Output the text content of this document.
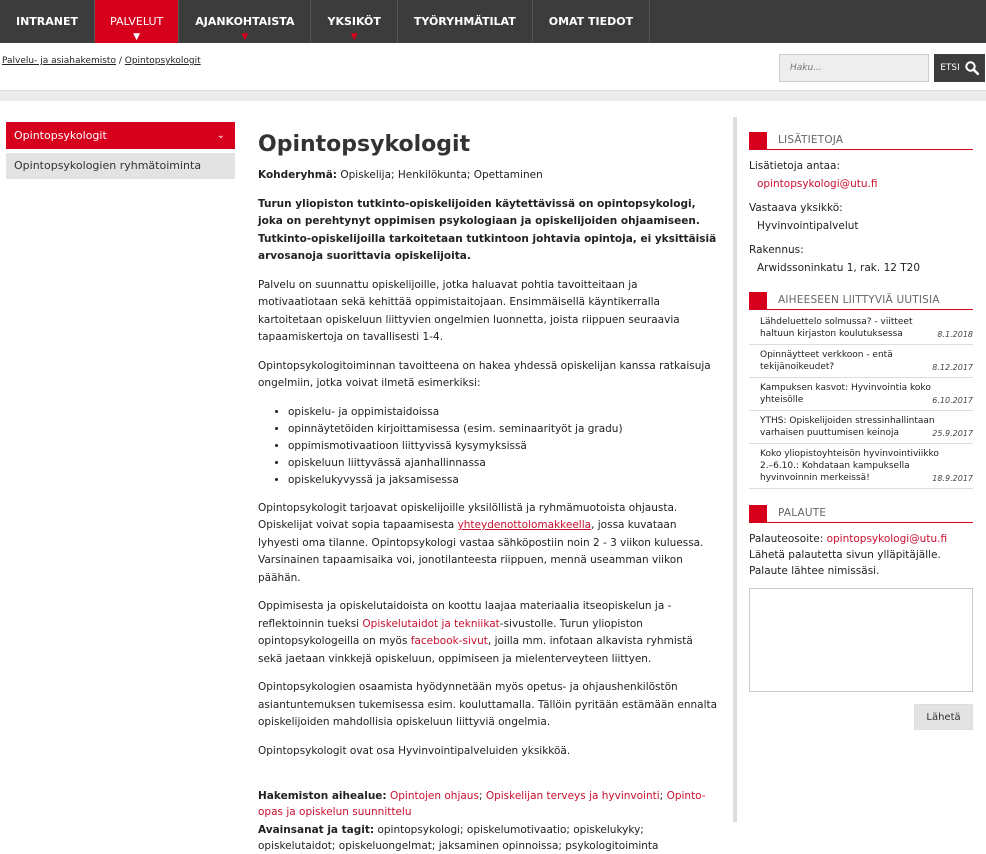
INTRANET	PALVELUT
▼
AJANKOHTAISTA
▼
YKSIKÖT
▼
TYÖRYHMÄTILAT	OMAT TIEDOT
Palvelu- ja asiahakemisto / Opintopsykologit
Haku...
ETSI
Opintopsykologit	⌄
Opintopsykologien ryhmätoiminta
Opintopsykologit
Kohderyhmä: Opiskelija; Henkilökunta; Opettaminen

Turun yliopiston tutkinto-opiskelijoiden käytettävissä on opintopsykologi, joka on perehtynyt oppimisen psykologiaan ja opiskelijoiden ohjaamiseen. Tutkinto-opiskelijoilla tarkoitetaan tutkintoon johtavia opintoja, ei yksittäisiä arvosanoja suorittavia opiskelijoita.

Palvelu on suunnattu opiskelijoille, jotka haluavat pohtia tavoitteitaan ja motivaatiotaan sekä kehittää oppimistaitojaan. Ensimmäisellä käyntikerralla kartoitetaan opiskeluun liittyvien ongelmien luonnetta, joista riippuen seuraavia tapaamiskertoja on tavallisesti 1-4.

Opintopsykologitoiminnan tavoitteena on hakea yhdessä opiskelijan kanssa ratkaisuja ongelmiin, jotka voivat ilmetä esimerkiksi:

• opiskelu- ja oppimistaidoissa
• opinnäytetöiden kirjoittamisessa (esim. seminaarityöt ja gradu)
• oppimismotivaatioon liittyvissä kysymyksissä
• opiskeluun liittyvässä ajanhallinnassa
• opiskelukyvyssä ja jaksamisessa

Opintopsykologit tarjoavat opiskelijoille yksilöllistä ja ryhmämuotoista ohjausta. Opiskelijat voivat sopia tapaamisesta yhteydenottolomakkeella, jossa kuvataan lyhyesti oma tilanne. Opintopsykologi vastaa sähköpostiin noin 2 - 3 viikon kuluessa. Varsinainen tapaamisaika voi, jonotilanteesta riippuen, mennä useamman viikon päähän.

Oppimisesta ja opiskelutaidoista on koottu laajaa materiaalia itseopiskelun ja -reflektoinnin tueksi Opiskelutaidot ja tekniikat-sivustolle. Turun yliopiston opintopsykologeilla on myös facebook-sivut, joilla mm. infotaan alkavista ryhmistä sekä jaetaan vinkkejä opiskeluun, oppimiseen ja mielenterveyteen liittyen.

Opintopsykologien osaamista hyödynnetään myös opetus- ja ohjaushenkilöstön asiantuntemuksen tukemisessa esim. kouluttamalla. Tällöin pyritään estämään ennalta opiskelijoiden mahdollisia opiskeluun liittyviä ongelmia.

Opintopsykologit ovat osa Hyvinvointipalveluiden yksikköä.

Hakemiston aihealue: Opintojen ohjaus; Opiskelijan terveys ja hyvinvointi; Opinto-opas ja opiskelun suunnittelu
Avainsanat ja tagit: opintopsykologi; opiskelumotivaatio; opiskelukyky; opiskelutaidot; opiskeluongelmat; jaksaminen opinnoissa; psykologitoiminta
LISÄTIETOJA

Lisätietoja antaa:

opintopsykologi@utu.fi

Vastaava yksikkö:

Hyvinvointipalvelut

Rakennus:

Arwidssoninkatu 1, rak. 12 T20

AIHEESEEN LIITTYVIÄ UUTISIA
Lähdeluettelo solmussa? - viitteet haltuun kirjaston koulutuksessa	8.1.2018
Opinnäytteet verkkoon - entä tekijänoikeudet?	8.12.2017
Kampuksen kasvot: Hyvinvointia koko yhteisölle	6.10.2017
YTHS: Opiskelijoiden stressinhallintaan varhaisen puuttumisen keinoja	25.9.2017
Koko yliopistoyhteisön hyvinvointiviikko 2.–6.10.: Kohdataan kampuksella hyvinvoinnin merkeissä!	18.9.2017
PALAUTE

Palauteosoite: opintopsykologi@utu.fi

Lähetä palautetta sivun ylläpitäjälle.

Palaute lähtee nimissäsi.

Lähetä
